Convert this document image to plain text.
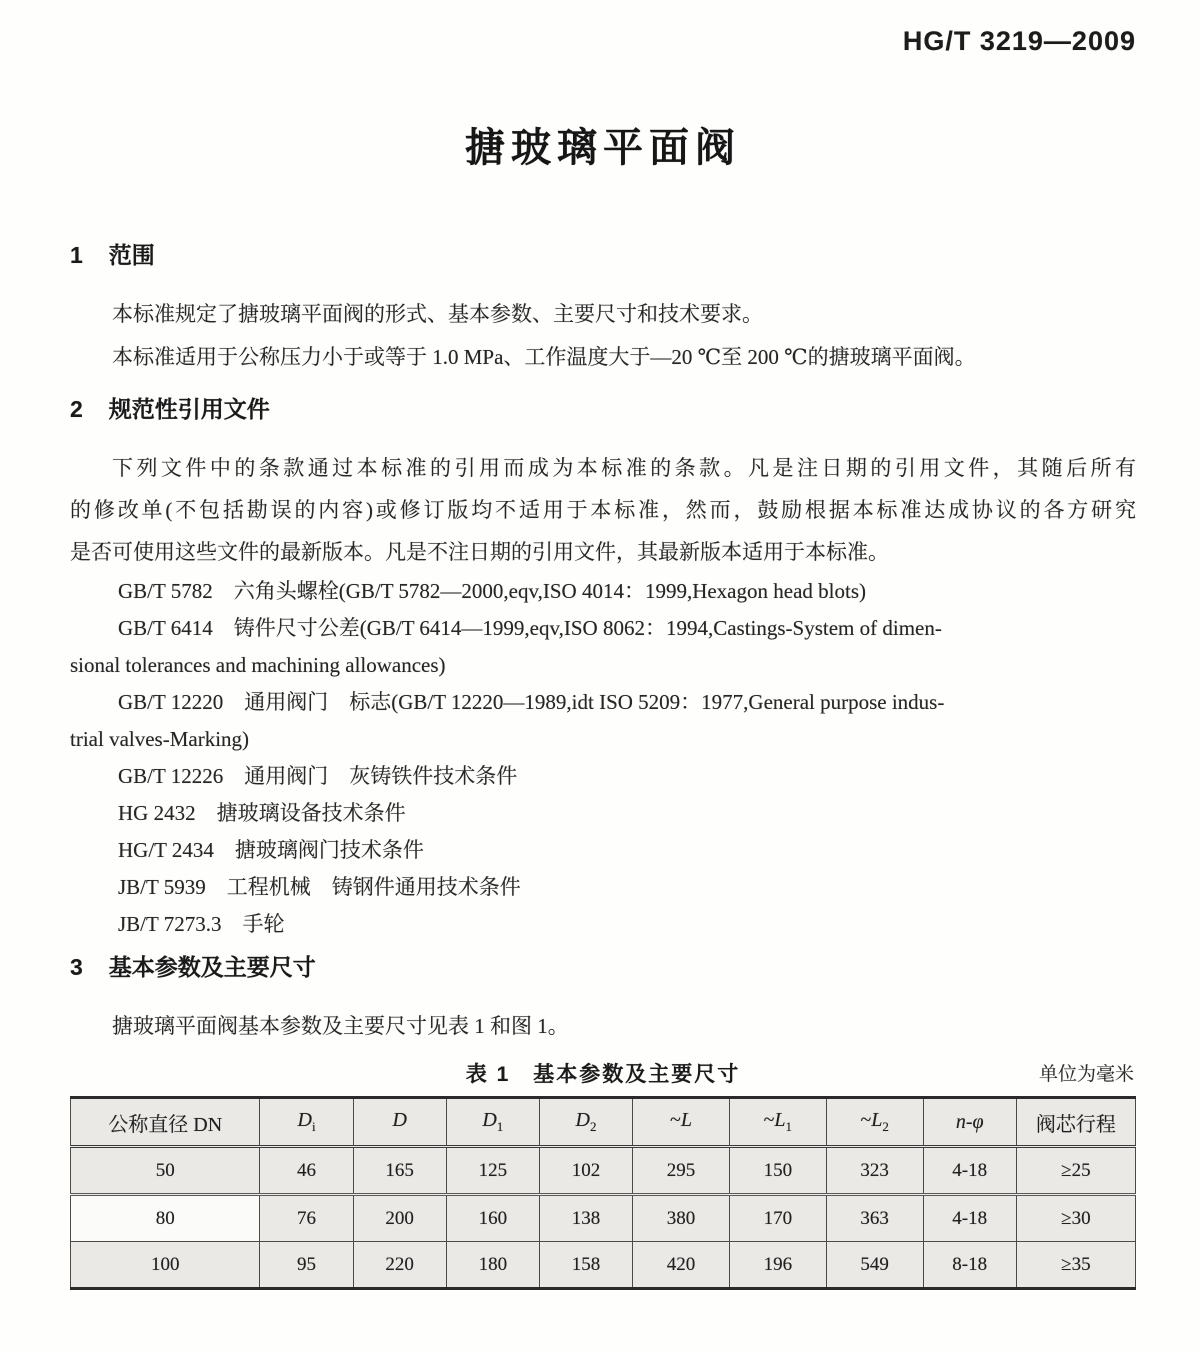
HG/T 3219—2009
搪玻璃平面阀
1 范围

本标准规定了搪玻璃平面阀的形式、基本参数、主要尺寸和技术要求。

本标准适用于公称压力小于或等于 1.0 MPa、工作温度大于—20 ℃至 200 ℃的搪玻璃平面阀。

2 规范性引用文件

下列文件中的条款通过本标准的引用而成为本标准的条款。凡是注日期的引用文件，其随后所有

的修改单(不包括勘误的内容)或修订版均不适用于本标准，然而，鼓励根据本标准达成协议的各方研究

是否可使用这些文件的最新版本。凡是不注日期的引用文件，其最新版本适用于本标准。

GB/T 5782　六角头螺栓(GB/T 5782—2000,eqv,ISO 4014：1999,Hexagon head blots)

GB/T 6414　铸件尺寸公差(GB/T 6414—1999,eqv,ISO 8062：1994,Castings-System of dimen-

sional tolerances and machining allowances)

GB/T 12220　通用阀门　标志(GB/T 12220—1989,idt ISO 5209：1977,General purpose indus-

trial valves-Marking)

GB/T 12226　通用阀门　灰铸铁件技术条件

HG 2432　搪玻璃设备技术条件

HG/T 2434　搪玻璃阀门技术条件

JB/T 5939　工程机械　铸钢件通用技术条件

JB/T 7273.3　手轮

3 基本参数及主要尺寸

搪玻璃平面阀基本参数及主要尺寸见表 1 和图 1。

表 1　基本参数及主要尺寸	单位为毫米
公称直径 DN	$D_i$	D	$D_1$	$D_2$	~L	$\sim L_1$	$\sim L_2$	n-φ	阀芯行程
50	46	165	125	102	295	150	323	4-18	≥25
80	76	200	160	138	380	170	363	4-18	≥30
100	95	220	180	158	420	196	549	8-18	≥35
